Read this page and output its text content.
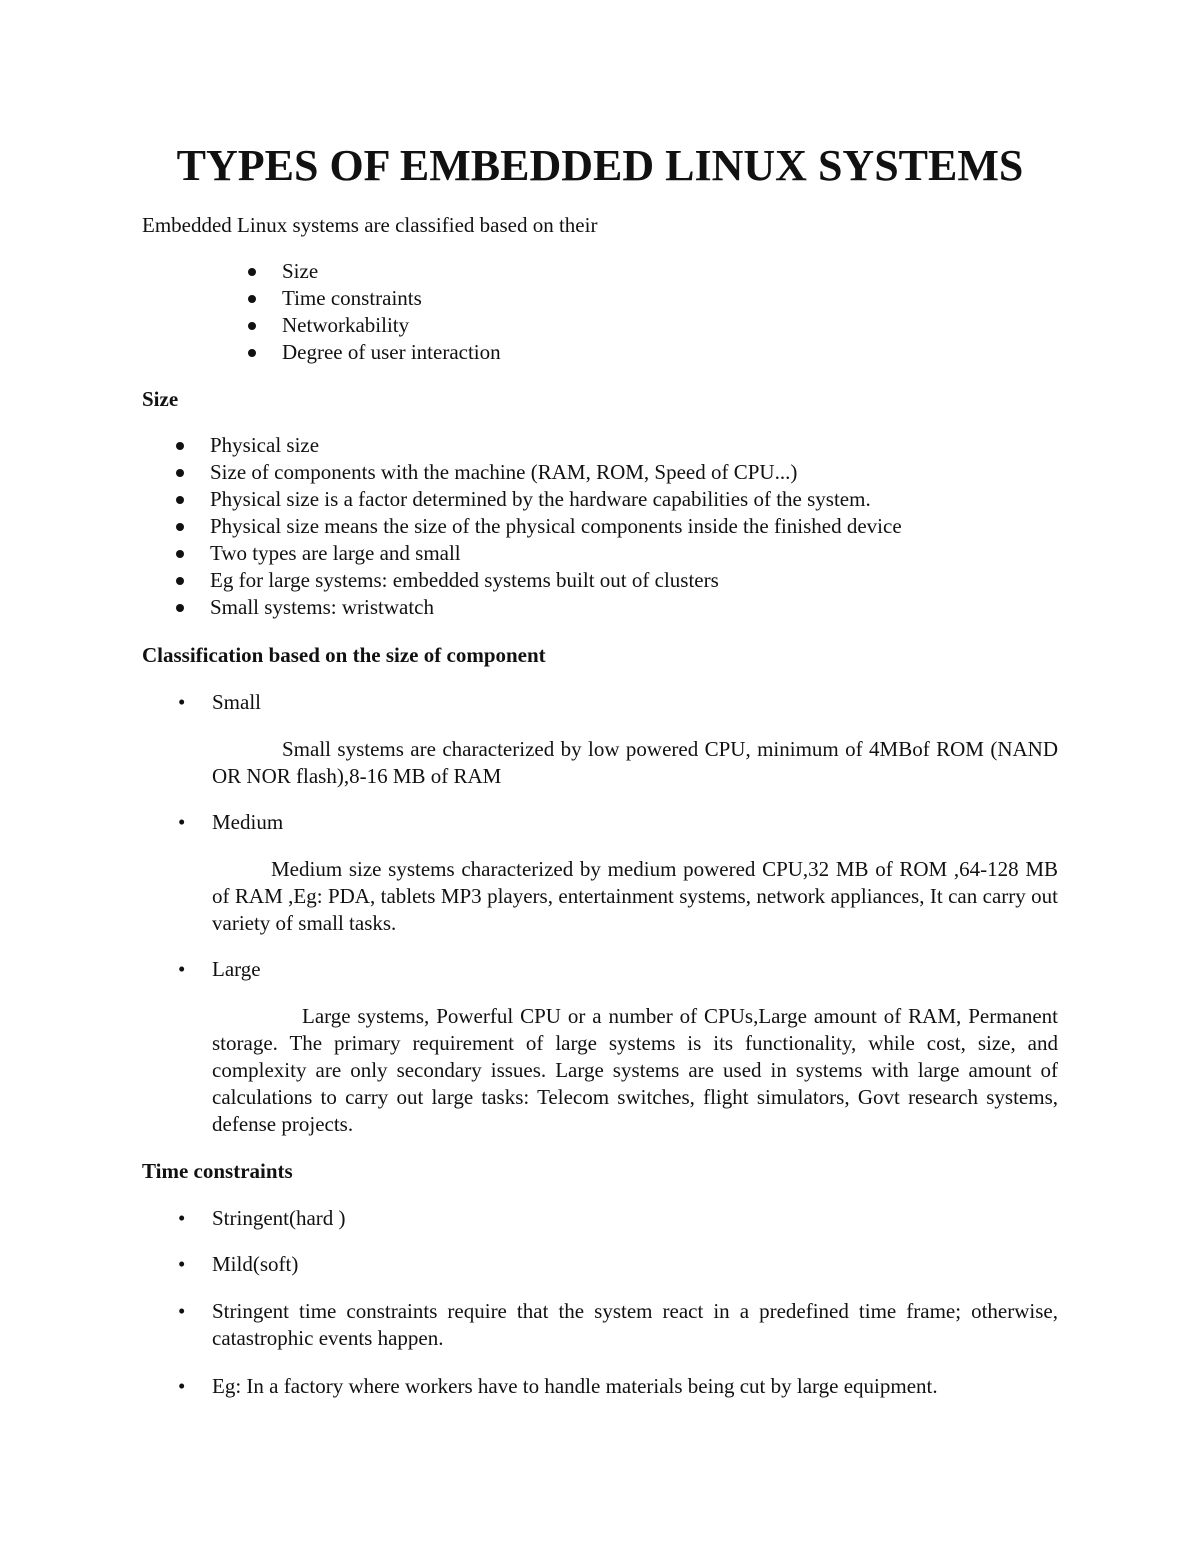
TYPES OF EMBEDDED LINUX SYSTEMS

Embedded Linux systems are classified based on their

Size
Time constraints
Networkability
Degree of user interaction

Size

Physical size
Size of components with the machine (RAM, ROM, Speed of CPU...)
Physical size is a factor determined by the hardware capabilities of the system.
Physical size means the size of the physical components inside the finished device
Two types are large and small
Eg for large systems: embedded systems built out of clusters
Small systems: wristwatch

Classification based on the size of component

• Small

Small systems are characterized by low powered CPU, minimum of 4MBof ROM (NAND OR NOR flash),8-16 MB of RAM

• Medium

Medium size systems characterized by medium powered CPU,32 MB of ROM ,64-128 MB of RAM ,Eg: PDA, tablets MP3 players, entertainment systems, network appliances, It can carry out variety of small tasks.

• Large

Large systems, Powerful CPU or a number of CPUs,Large amount of RAM, Permanent storage. The primary requirement of large systems is its functionality, while cost, size, and complexity are only secondary issues. Large systems are used in systems with large amount of calculations to carry out large tasks: Telecom switches, flight simulators, Govt research systems, defense projects.

Time constraints

• Stringent(hard )
• Mild(soft)
• Stringent time constraints require that the system react in a predefined time frame; otherwise, catastrophic events happen.
• Eg: In a factory where workers have to handle materials being cut by large equipment.
